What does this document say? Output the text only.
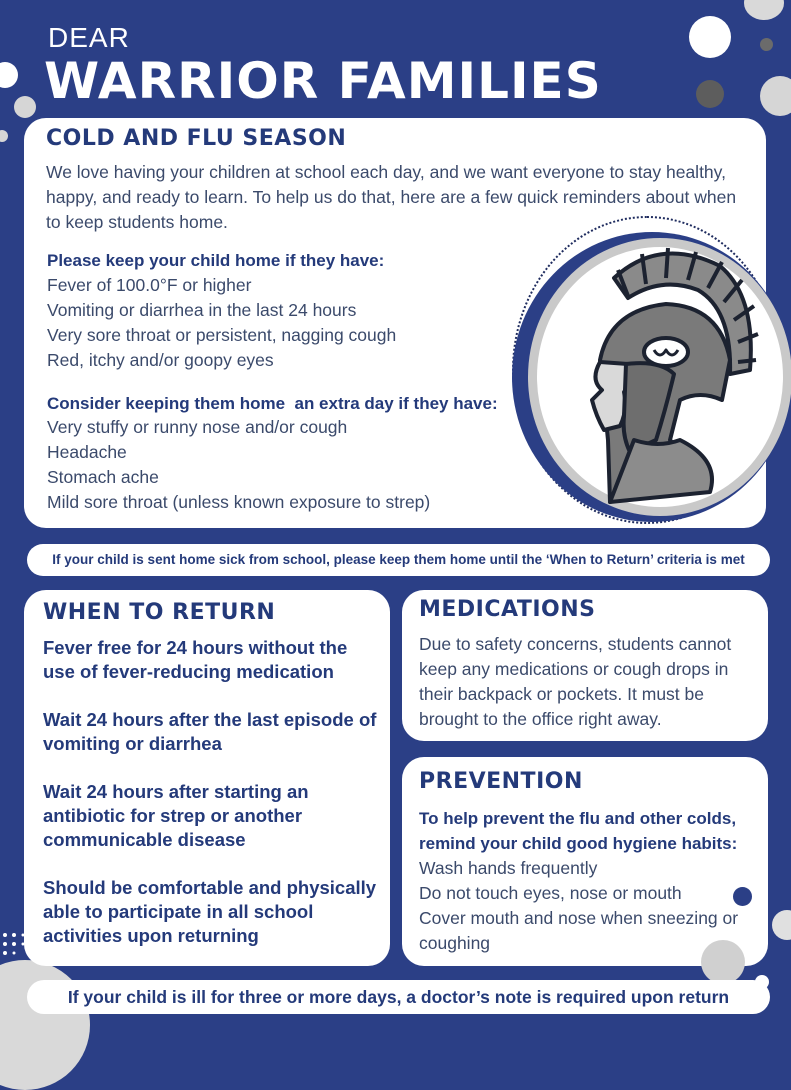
DEAR
WARRIOR FAMILIES
COLD AND FLU SEASON
We love having your children at school each day, and we want everyone to stay healthy, happy, and ready to learn. To help us do that, here are a few quick reminders about when to keep students home.
Please keep your child home if they have:
Fever of 100.0°F or higher
Vomiting or diarrhea in the last 24 hours
Very sore throat or persistent, nagging cough
Red, itchy and/or goopy eyes
Consider keeping them home  an extra day if they have:
Very stuffy or runny nose and/or cough
Headache
Stomach ache
Mild sore throat (unless known exposure to strep)
If your child is sent home sick from school, please keep them home until the ‘When to Return’ criteria is met
WHEN TO RETURN

Fever free for 24 hours without the use of fever-reducing medication

Wait 24 hours after the last episode of vomiting or diarrhea

Wait 24 hours after starting an antibiotic for strep or another communicable disease

Should be comfortable and physically able to participate in all school activities upon returning

MEDICATIONS
Due to safety concerns, students cannot keep any medications or cough drops in their backpack or pockets. It must be brought to the office right away.
PREVENTION
To help prevent the flu and other colds, remind your child good hygiene habits:
Wash hands frequently
Do not touch eyes, nose or mouth
Cover mouth and nose when sneezing or coughing
If your child is ill for three or more days, a doctor’s note is required upon return
